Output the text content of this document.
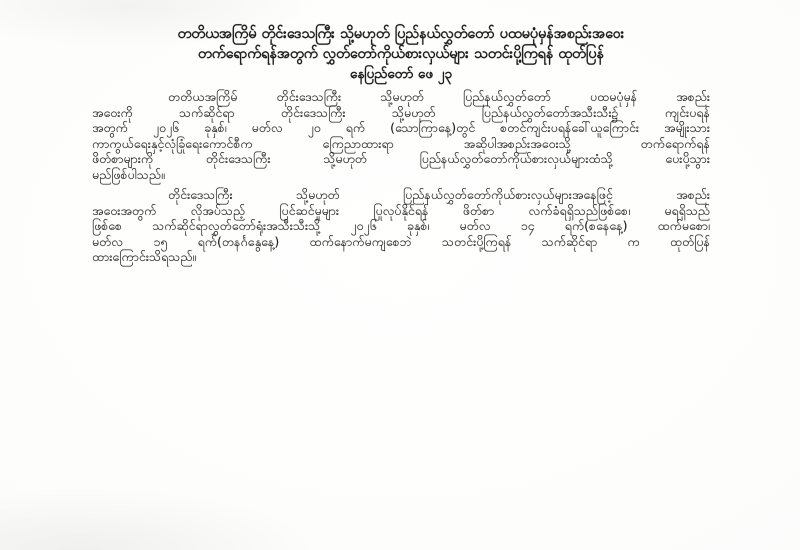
တတိယအကြိမ် တိုင်းဒေသကြီး သို့မဟုတ် ပြည်နယ်လွှတ်တော် ပထမပုံမှန်အစည်းအဝေး
တက်ရောက်ရန်အတွက် လွှတ်တော်ကိုယ်စားလှယ်များ သတင်းပို့ကြရန် ထုတ်ပြန်
နေပြည်တော် ဖေ ၂၃
တတိယအကြိမ် တိုင်းဒေသကြီး သို့မဟုတ် ပြည်နယ်လွှတ်တော် ပထမပုံမှန် အစည်း
အဝေးကို သက်ဆိုင်ရာ တိုင်းဒေသကြီး သို့မဟုတ် ပြည်နယ်လွှတ်တော်အသီးသီး၌ ကျင်းပရန်
အတွက် ၂၀၂၆ ခုနှစ်၊ မတ်လ ၂၀ ရက် (သောကြာနေ့)တွင် စတင်ကျင်းပရန်ခေါ်ယူကြောင်း အမျိုးသား
ကာကွယ်ရေးနှင့်လုံခြုံရေးကောင်စီက ကြေညာထားရာ အဆိုပါအစည်းအဝေးသို့ တက်ရောက်ရန်
ဖိတ်စာများကို တိုင်းဒေသကြီး သို့မဟုတ် ပြည်နယ်လွှတ်တော်ကိုယ်စားလှယ်များထံသို့ ပေးပို့သွား
မည်ဖြစ်ပါသည်။
တိုင်းဒေသကြီး သို့မဟုတ် ပြည်နယ်လွှတ်တော်ကိုယ်စားလှယ်များအနေဖြင့် အစည်း
အဝေးအတွက် လိုအပ်သည့် ပြင်ဆင်မှုများ ပြုလုပ်နိုင်ရန် ဖိတ်စာ လက်ခံရရှိသည်ဖြစ်စေ၊ မရရှိသည်
ဖြစ်စေ သက်ဆိုင်ရာလွှတ်တော်ရုံးအသီးသီးသို့ ၂၀၂၆ ခုနှစ်၊ မတ်လ ၁၄ ရက်(စနေနေ့) ထက်မစော၊
မတ်လ ၁၅ ရက်(တနင်္ဂနွေနေ့) ထက်နောက်မကျစေဘဲ သတင်းပို့ကြရန် သက်ဆိုင်ရာ က ထုတ်ပြန်
ထားကြောင်းသိရသည်။
